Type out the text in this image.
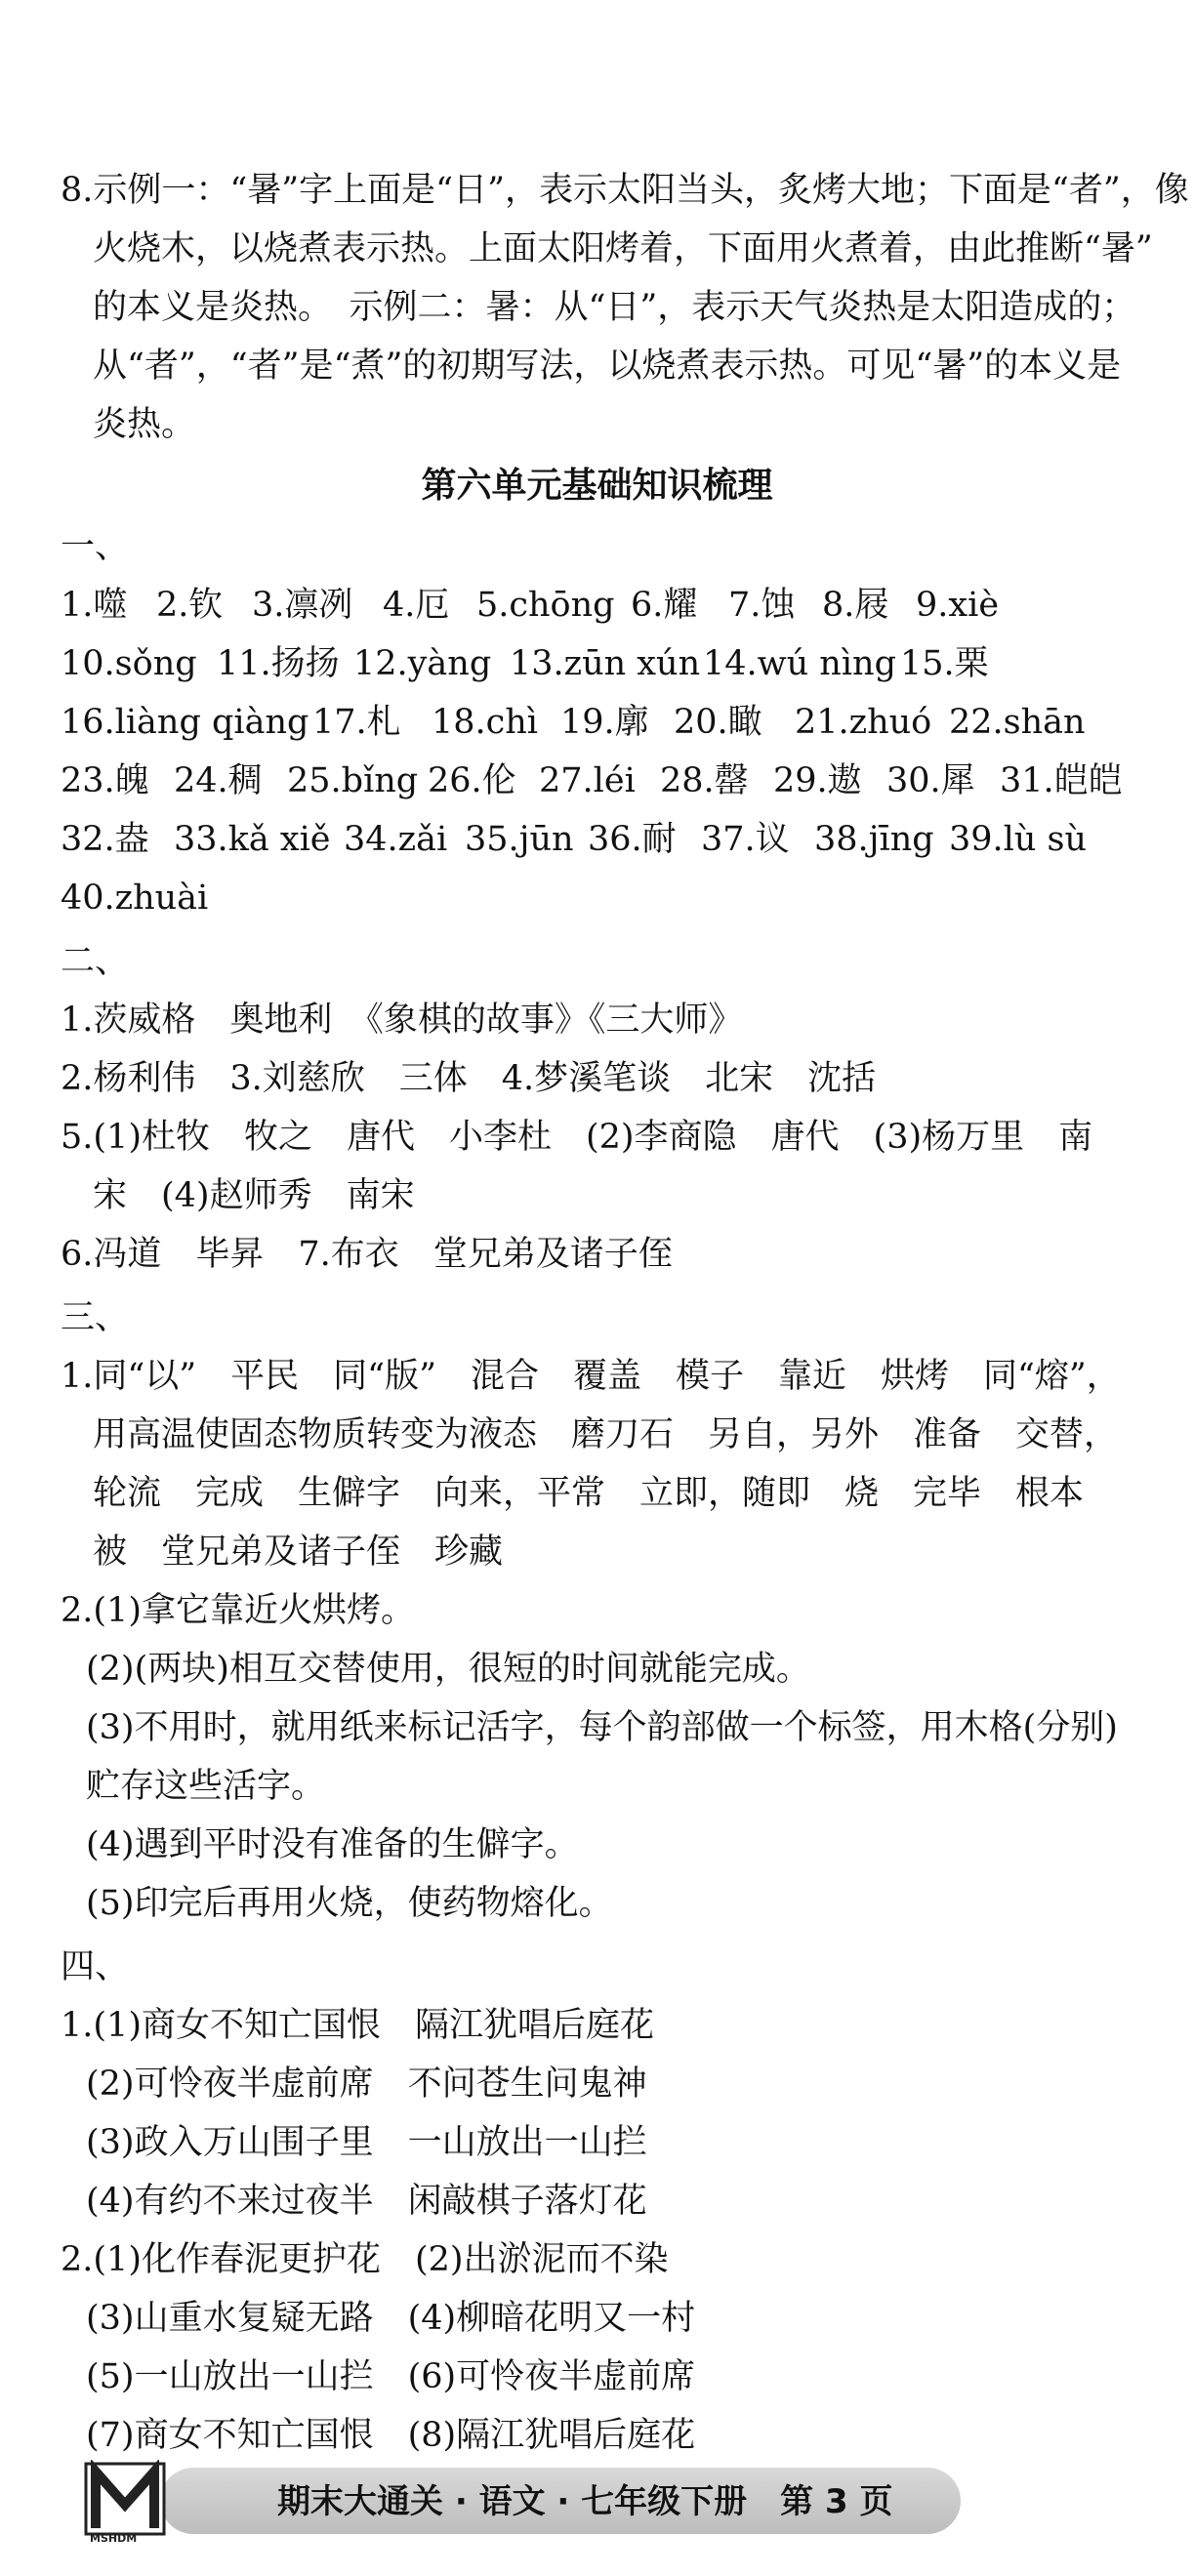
8.示例一：“暑”字上面是“日”，表示太阳当头，炙烤大地；下面是“者”，像
火烧木，以烧煮表示热。上面太阳烤着，下面用火煮着，由此推断“暑”
的本义是炎热。　示例二：暑：从“日”，表示天气炎热是太阳造成的；
从“者”，“者”是“煮”的初期写法，以烧煮表示热。可见“暑”的本义是
炎热。
第六单元基础知识梳理
一、
1.噬 2.钦 3.凛冽 4.厄 5.chōng 6.耀 7.蚀 8.屐 9.xiè
10.sǒng 11.扬扬 12.yàng 13.zūn xún 14.wú nìng 15.栗
16.liàng qiàng 17.札 18.chì 19.廓 20.瞰 21.zhuó 22.shān
23.魄 24.稠 25.bǐng 26.伦 27.léi 28.罄 29.遨 30.犀 31.皑皑
32.盎 33.kǎ xiě 34.zǎi 35.jūn 36.耐 37.议 38.jīng 39.lù sù
40.zhuài
二、
1.茨威格　奥地利　《象棋的故事》《三大师》
2.杨利伟　3.刘慈欣　三体　4.梦溪笔谈　北宋　沈括
5.(1)杜牧　牧之　唐代　小李杜　(2)李商隐　唐代　(3)杨万里　南
宋　(4)赵师秀　南宋
6.冯道　毕昇　7.布衣　堂兄弟及诸子侄
三、
1.同“以”　平民　同“版”　混合　覆盖　模子　靠近　烘烤　同“熔”，
用高温使固态物质转变为液态　磨刀石　另自，另外　准备　交替，
轮流　完成　生僻字　向来，平常　立即，随即　烧　完毕　根本
被　堂兄弟及诸子侄　珍藏
2.(1)拿它靠近火烘烤。
(2)(两块)相互交替使用，很短的时间就能完成。
(3)不用时，就用纸来标记活字，每个韵部做一个标签，用木格(分别)
贮存这些活字。
(4)遇到平时没有准备的生僻字。
(5)印完后再用火烧，使药物熔化。
四、
1.(1)商女不知亡国恨　隔江犹唱后庭花
(2)可怜夜半虚前席　不问苍生问鬼神
(3)政入万山围子里　一山放出一山拦
(4)有约不来过夜半　闲敲棋子落灯花
2.(1)化作春泥更护花　(2)出淤泥而不染
(3)山重水复疑无路　(4)柳暗花明又一村
(5)一山放出一山拦　(6)可怜夜半虚前席
(7)商女不知亡国恨　(8)隔江犹唱后庭花
MSHDM
期末大通关 · 语文 · 七年级下册　第 3 页
